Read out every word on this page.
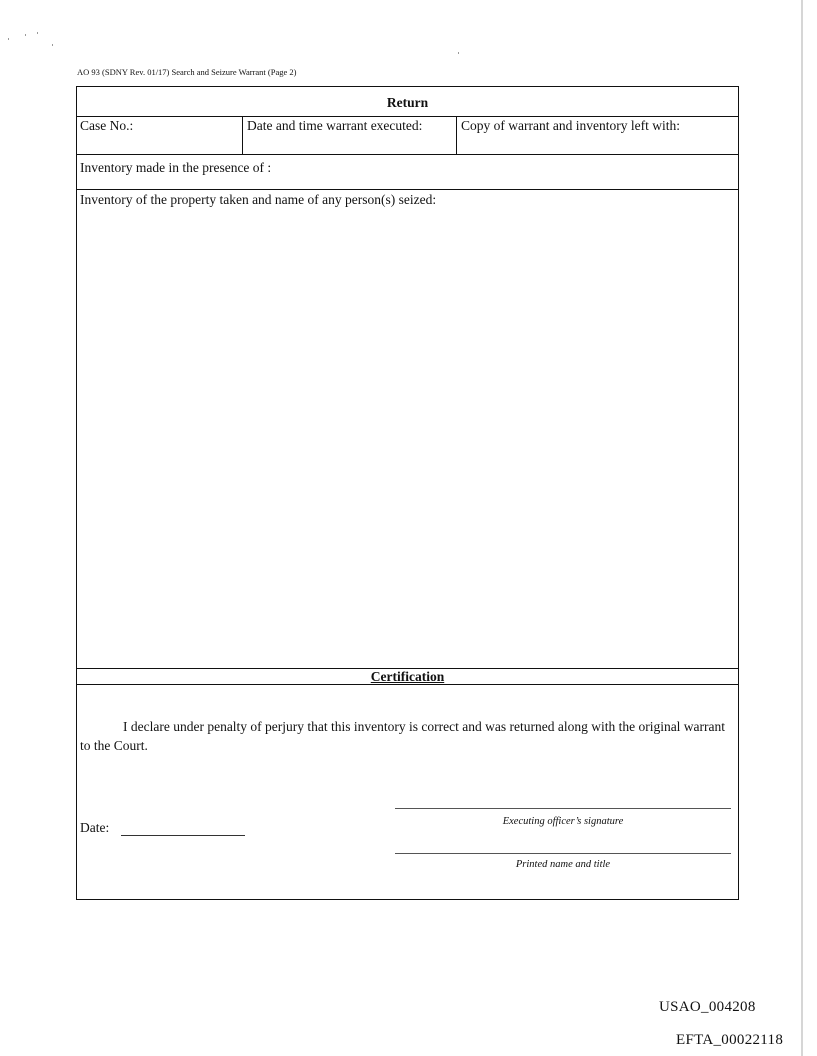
AO 93 (SDNY Rev. 01/17) Search and Seizure Warrant (Page 2)
Return
Case No.:	Date and time warrant executed:	Copy of warrant and inventory left with:
Inventory made in the presence of :
Inventory of the property taken and name of any person(s) seized:
Certification
I declare under penalty of perjury that this inventory is correct and was returned along with the original warrant to the Court.
Date:	Executing officer’s signature
Printed name and title
USAO_004208
EFTA_00022118
